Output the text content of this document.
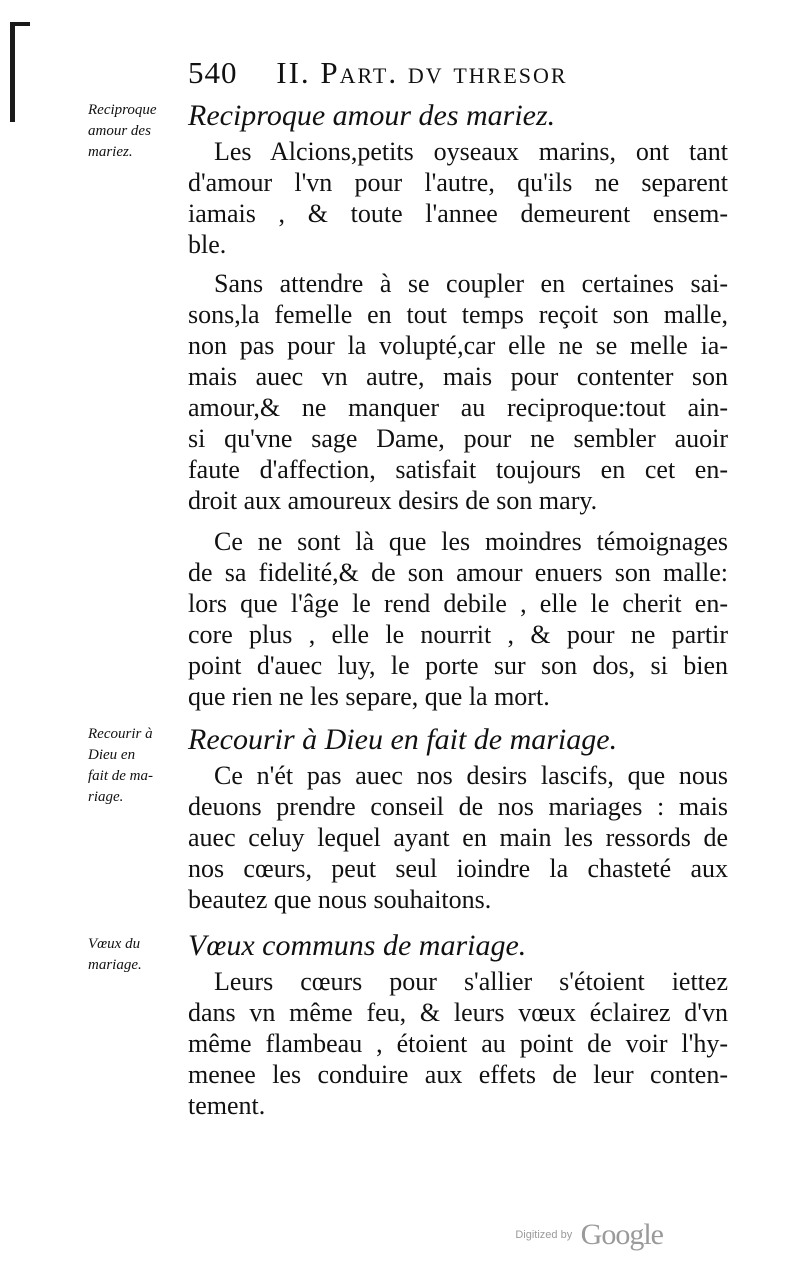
540 II. Part. dv thresor
Reciproque
amour des
mariez.
Reciproque amour des mariez.
Les Alcions,petits oyseaux marins, ont tant
d'amour l'vn pour l'autre, qu'ils ne separent
iamais , & toute l'annee demeurent ensem-
ble.
Sans attendre à se coupler en certaines sai-
sons,la femelle en tout temps reçoit son malle,
non pas pour la volupté,car elle ne se melle ia-
mais auec vn autre, mais pour contenter son
amour,& ne manquer au reciproque:tout ain-
si qu'vne sage Dame, pour ne sembler auoir
faute d'affection, satisfait toujours en cet en-
droit aux amoureux desirs de son mary.
Ce ne sont là que les moindres témoignages
de sa fidelité,& de son amour enuers son malle:
lors que l'âge le rend debile , elle le cherit en-
core plus , elle le nourrit , & pour ne partir
point d'auec luy, le porte sur son dos, si bien
que rien ne les separe, que la mort.
Recourir à
Dieu en
fait de ma-
riage.
Recourir à Dieu en fait de mariage.
Ce n'ét pas auec nos desirs lascifs, que nous
deuons prendre conseil de nos mariages : mais
auec celuy lequel ayant en main les ressords de
nos cœurs, peut seul ioindre la chasteté aux
beautez que nous souhaitons.
Vœux du
mariage.
Vœux communs de mariage.
Leurs cœurs pour s'allier s'étoient iettez
dans vn même feu, & leurs vœux éclairez d'vn
même flambeau , étoient au point de voir l'hy-
menee les conduire aux effets de leur conten-
tement.
Digitized by Google
